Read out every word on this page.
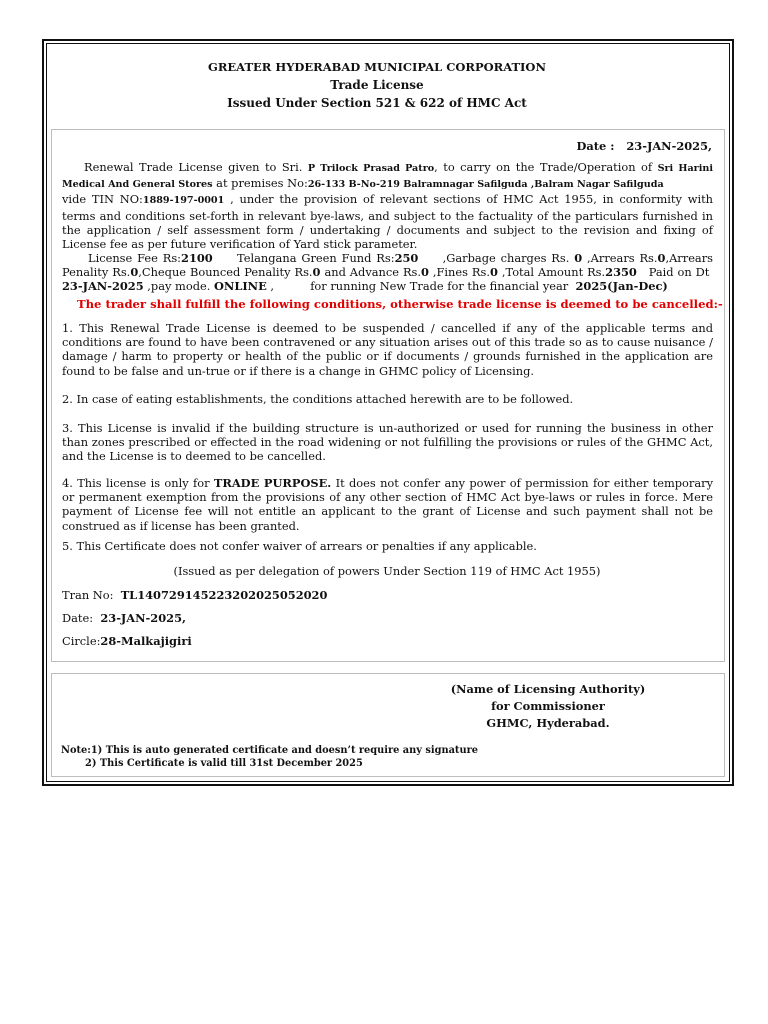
GREATER HYDERABAD MUNICIPAL CORPORATION
Trade License
Issued Under Section 521 & 622 of HMC Act
Date : 23-JAN-2025,
Renewal Trade License given to Sri. P Trilock Prasad Patro, to carry on the Trade/Operation of Sri Harini Medical And General Stores at premises No:26-133 B-No-219 Balramnagar Safilguda ,Balram Nagar Safilguda
vide TIN NO:1889-197-0001 , under the provision of relevant sections of HMC Act 1955, in conformity with terms and conditions set-forth in relevant bye-laws, and subject to the factuality of the particulars furnished in the application / self assessment form / undertaking / documents and subject to the revision and fixing of License fee as per future verification of Yard stick parameter.
License Fee Rs:2100 Telangana Green Fund Rs:250 ,Garbage charges Rs. 0 ,Arrears Rs.0,Arrears Penality Rs.0,Cheque Bounced Penality Rs.0 and Advance Rs.0 ,Fines Rs.0 ,Total Amount Rs.2350 Paid on Dt  23-JAN-2025 ,pay mode. ONLINE ,	for running New Trade for the financial year 2025(Jan-Dec)
The trader shall fulfill the following conditions, otherwise trade license is deemed to be cancelled:-
1. This Renewal Trade License is deemed to be suspended / cancelled if any of the applicable terms and conditions are found to have been contravened or any situation arises out of this trade so as to cause nuisance / damage / harm to property or health of the public or if documents / grounds furnished in the application are found to be false and un-true or if there is a change in GHMC policy of Licensing.
2. In case of eating establishments, the conditions attached herewith are to be followed.
3. This License is invalid if the building structure is un-authorized or used for running the business in other than zones prescribed or effected in the road widening or not fulfilling the provisions or rules of the GHMC Act, and the License is to deemed to be cancelled.
4. This license is only for TRADE PURPOSE. It does not confer any power of permission for either temporary or permanent exemption from the provisions of any other section of HMC Act bye-laws or rules in force. Mere payment of License fee will not entitle an applicant to the grant of License and such payment shall not be construed as if license has been granted.
5. This Certificate does not confer waiver of arrears or penalties if any applicable.
(Issued as per delegation of powers Under Section 119 of HMC Act 1955)
Tran No: TL140729145223202025052020
Date: 23-JAN-2025,
Circle:28-Malkajigiri
(Name of Licensing Authority)
for Commissioner
GHMC, Hyderabad.
Note:1) This is auto generated certificate and doesn’t require any signature
2) This Certificate is valid till 31st December 2025
